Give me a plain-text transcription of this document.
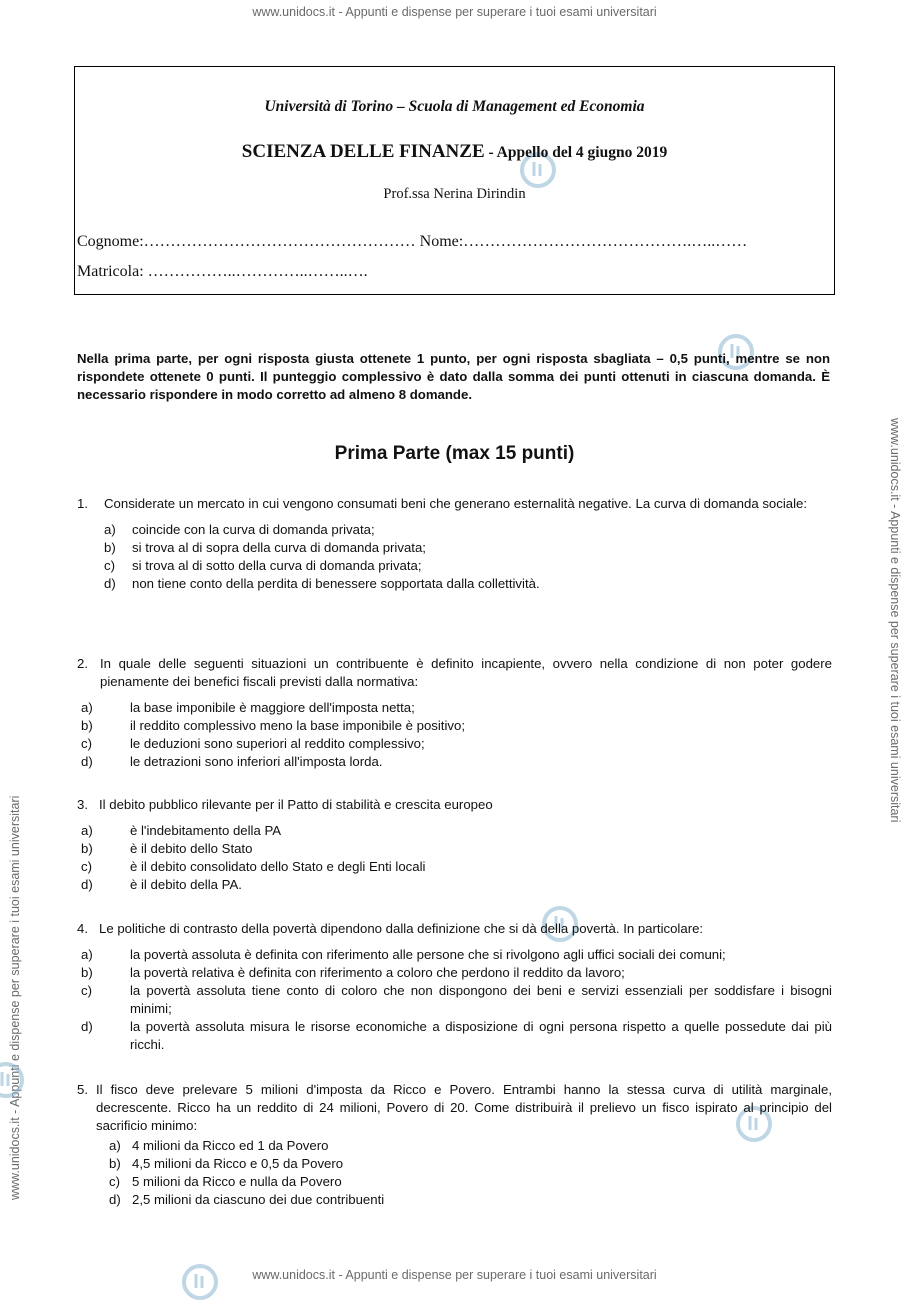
www.unidocs.it - Appunti e dispense per superare i tuoi esami universitari
www.unidocs.it - Appunti e dispense per superare i tuoi esami universitari
www.unidocs.it - Appunti e dispense per superare i tuoi esami universitari
www.unidocs.it - Appunti e dispense per superare i tuoi esami universitari
Università di Torino – Scuola di Management ed Economia
SCIENZA DELLE FINANZE - Appello del 4 giugno 2019
Prof.ssa Nerina Dirindin
Cognome:…………………………………………… Nome:…………………………………….…..……
Matricola: ……………..…………..……..….
Nella prima parte, per ogni risposta giusta ottenete 1 punto, per ogni risposta sbagliata – 0,5 punti, mentre se non rispondete ottenete 0 punti. Il punteggio complessivo è dato dalla somma dei punti ottenuti in ciascuna domanda. È necessario rispondere in modo corretto ad almeno 8 domande.
Prima Parte (max 15 punti)
1.	Considerate un mercato in cui vengono consumati beni che generano esternalità negative. La curva di domanda sociale:
a)	coincide con la curva di domanda privata;
b)	si trova al di sopra della curva di domanda privata;
c)	si trova al di sotto della curva di domanda privata;
d)	non tiene conto della perdita di benessere sopportata dalla collettività.
2. In quale delle seguenti situazioni un contribuente è definito incapiente, ovvero nella condizione di non poter godere pienamente dei benefici fiscali previsti dalla normativa:
a)	la base imponibile è maggiore dell'imposta netta;
b)	il reddito complessivo meno la base imponibile è positivo;
c)	le deduzioni sono superiori al reddito complessivo;
d)	le detrazioni sono inferiori all'imposta lorda.
3. Il debito pubblico rilevante per il Patto di stabilità e crescita europeo
a)	è l'indebitamento della PA
b)	è il debito dello Stato
c)	è il debito consolidato dello Stato e degli Enti locali
d)	è il debito della PA.
4. Le politiche di contrasto della povertà dipendono dalla definizione che si dà della povertà. In particolare:
a)	la povertà assoluta è definita con riferimento alle persone che si rivolgono agli uffici sociali dei comuni;
b)	la povertà relativa è definita con riferimento a coloro che perdono il reddito da lavoro;
c)	la povertà assoluta tiene conto di coloro che non dispongono dei beni e servizi essenziali per soddisfare i bisogni minimi;
d)	la povertà assoluta misura le risorse economiche a disposizione di ogni persona rispetto a quelle possedute dai più ricchi.
5. Il fisco deve prelevare 5 milioni d'imposta da Ricco e Povero. Entrambi hanno la stessa curva di utilità marginale, decrescente. Ricco ha un reddito di 24 milioni, Povero di 20. Come distribuirà il prelievo un fisco ispirato al principio del sacrificio minimo:
a) 4 milioni da Ricco ed 1 da Povero
b) 4,5 milioni da Ricco e 0,5 da Povero
c) 5 milioni da Ricco e nulla da Povero
d) 2,5 milioni da ciascuno dei due contribuenti
